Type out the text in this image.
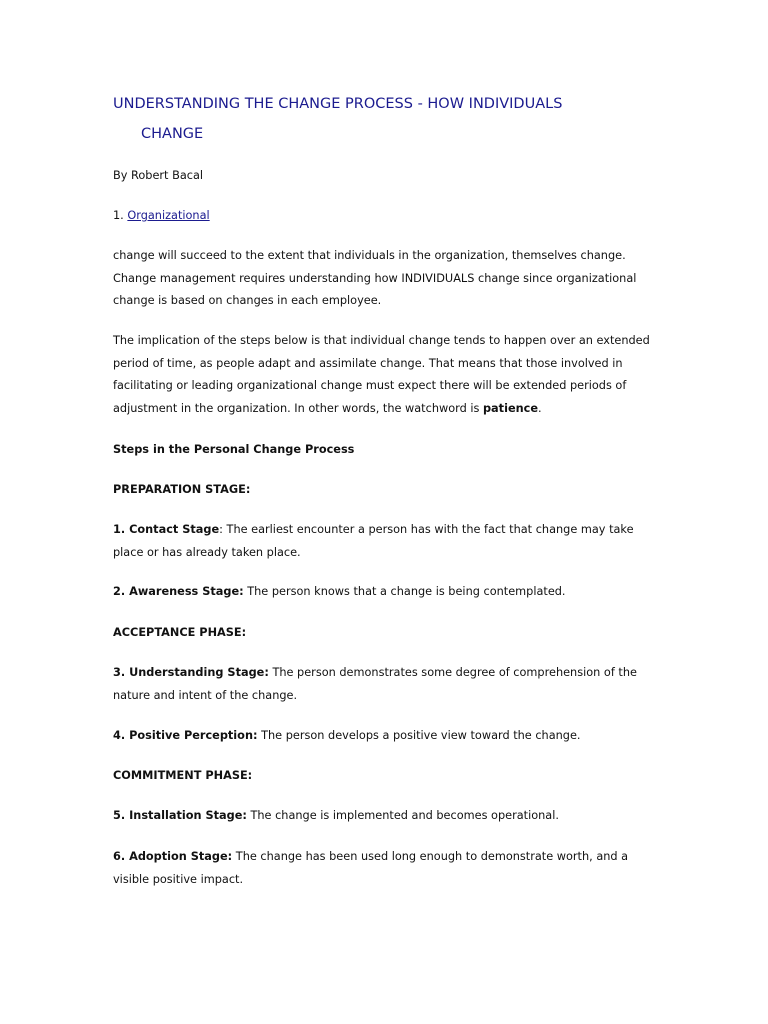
UNDERSTANDING THE CHANGE PROCESS - HOW INDIVIDUALS
CHANGE

By Robert Bacal

1. Organizational

change will succeed to the extent that individuals in the organization, themselves change. Change management requires understanding how INDIVIDUALS change since organizational change is based on changes in each employee.

The implication of the steps below is that individual change tends to happen over an extended period of time, as people adapt and assimilate change. That means that those involved in facilitating or leading organizational change must expect there will be extended periods of adjustment in the organization. In other words, the watchword is patience.

Steps in the Personal Change Process

PREPARATION STAGE:

1. Contact Stage: The earliest encounter a person has with the fact that change may take place or has already taken place.

2. Awareness Stage: The person knows that a change is being contemplated.

ACCEPTANCE PHASE:

3. Understanding Stage: The person demonstrates some degree of comprehension of the nature and intent of the change.

4. Positive Perception: The person develops a positive view toward the change.

COMMITMENT PHASE:

5. Installation Stage: The change is implemented and becomes operational.

6. Adoption Stage: The change has been used long enough to demonstrate worth, and a visible positive impact.
